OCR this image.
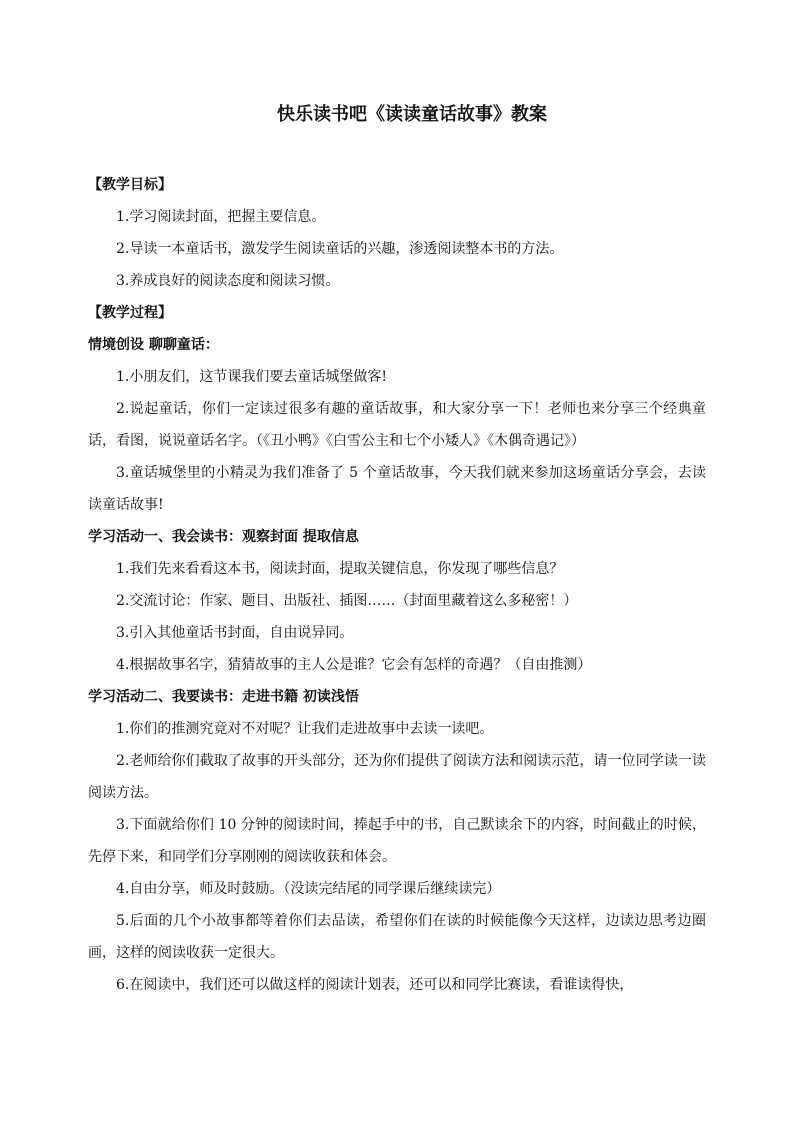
快乐读书吧《读读童话故事》教案

【教学目标】

1.学习阅读封面，把握主要信息。

2.导读一本童话书，激发学生阅读童话的兴趣，渗透阅读整本书的方法。

3.养成良好的阅读态度和阅读习惯。

【教学过程】

情境创设 聊聊童话：

1.小朋友们，这节课我们要去童话城堡做客!

2.说起童话，你们一定读过很多有趣的童话故事，和大家分享一下！老师也来分享三个经典童话，看图，说说童话名字。（《丑小鸭》《白雪公主和七个小矮人》《木偶奇遇记》）

3.童话城堡里的小精灵为我们准备了 5 个童话故事，今天我们就来参加这场童话分享会，去读读童话故事!

学习活动一、我会读书：观察封面 提取信息

1.我们先来看看这本书，阅读封面，提取关键信息，你发现了哪些信息？

2.交流讨论：作家、题目、出版社、插图……（封面里藏着这么多秘密！）

3.引入其他童话书封面，自由说异同。

4.根据故事名字，猜猜故事的主人公是谁？它会有怎样的奇遇？（自由推测）

学习活动二、我要读书：走进书籍 初读浅悟

1.你们的推测究竟对不对呢？让我们走进故事中去读一读吧。

2.老师给你们截取了故事的开头部分，还为你们提供了阅读方法和阅读示范，请一位同学读一读阅读方法。

3.下面就给你们 10 分钟的阅读时间，捧起手中的书，自己默读余下的内容，时间截止的时候，先停下来，和同学们分享刚刚的阅读收获和体会。

4.自由分享，师及时鼓励。（没读完结尾的同学课后继续读完）

5.后面的几个小故事都等着你们去品读，希望你们在读的时候能像今天这样，边读边思考边圈画，这样的阅读收获一定很大。

6.在阅读中，我们还可以做这样的阅读计划表，还可以和同学比赛读，看谁读得快，
